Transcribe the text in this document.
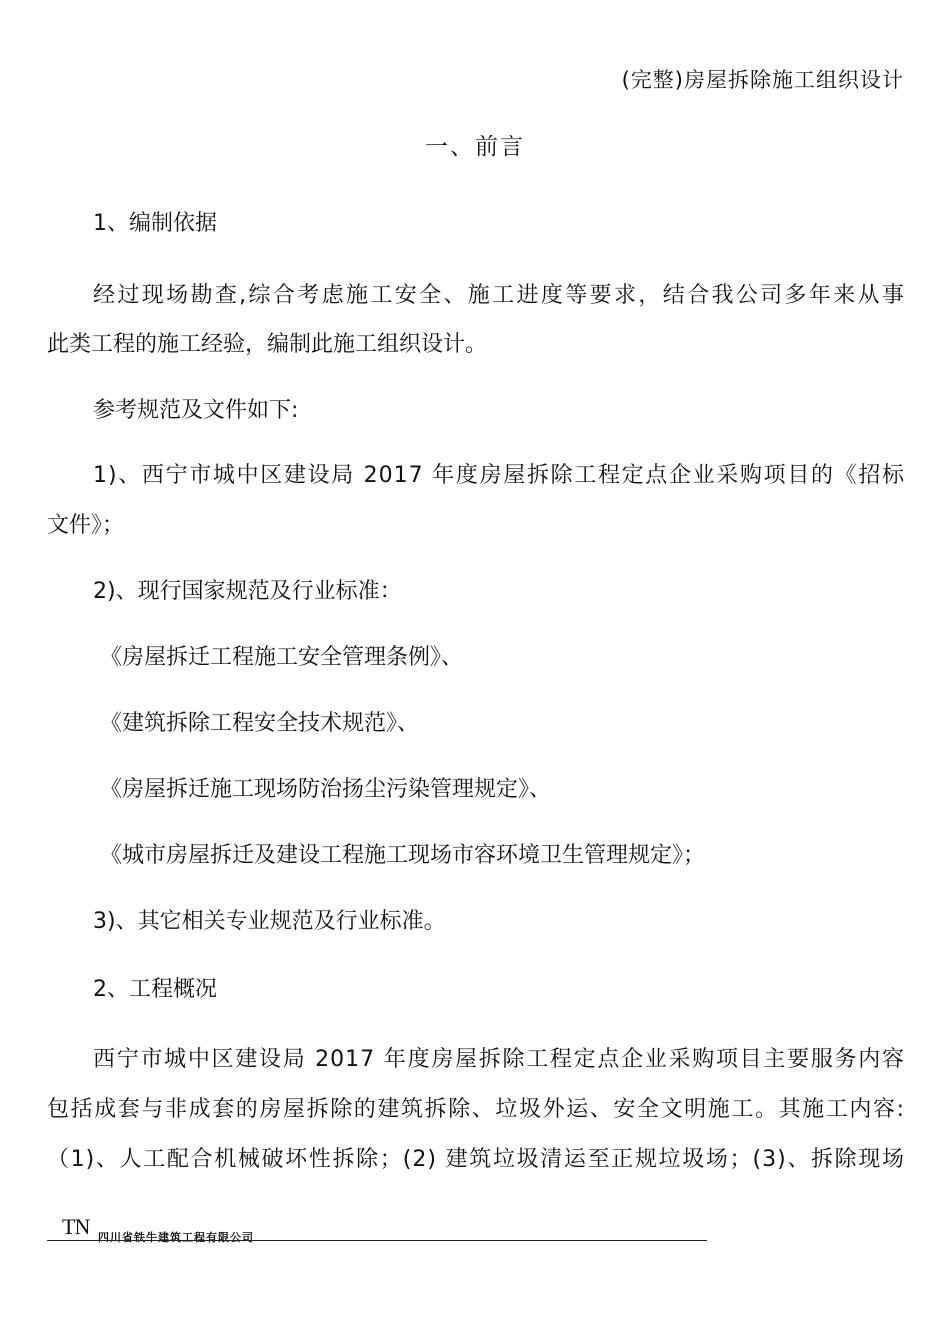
(完整)房屋拆除施工组织设计
一、前言
1、编制依据
经过现场勘查,综合考虑施工安全、施工进度等要求，结合我公司多年来从事
此类工程的施工经验，编制此施工组织设计。
参考规范及文件如下:
1)、西宁市城中区建设局 2017 年度房屋拆除工程定点企业采购项目的《招标
文件》；
2)、现行国家规范及行业标准：
《房屋拆迁工程施工安全管理条例》、
《建筑拆除工程安全技术规范》、
《房屋拆迁施工现场防治扬尘污染管理规定》、
《城市房屋拆迁及建设工程施工现场市容环境卫生管理规定》；
3)、其它相关专业规范及行业标准。
2、工程概况
西宁市城中区建设局 2017 年度房屋拆除工程定点企业采购项目主要服务内容
包括成套与非成套的房屋拆除的建筑拆除、垃圾外运、安全文明施工。其施工内容:
（1)、人工配合机械破坏性拆除；(2) 建筑垃圾清运至正规垃圾场；(3)、拆除现场
TN 四川省铁牛建筑工程有限公司
